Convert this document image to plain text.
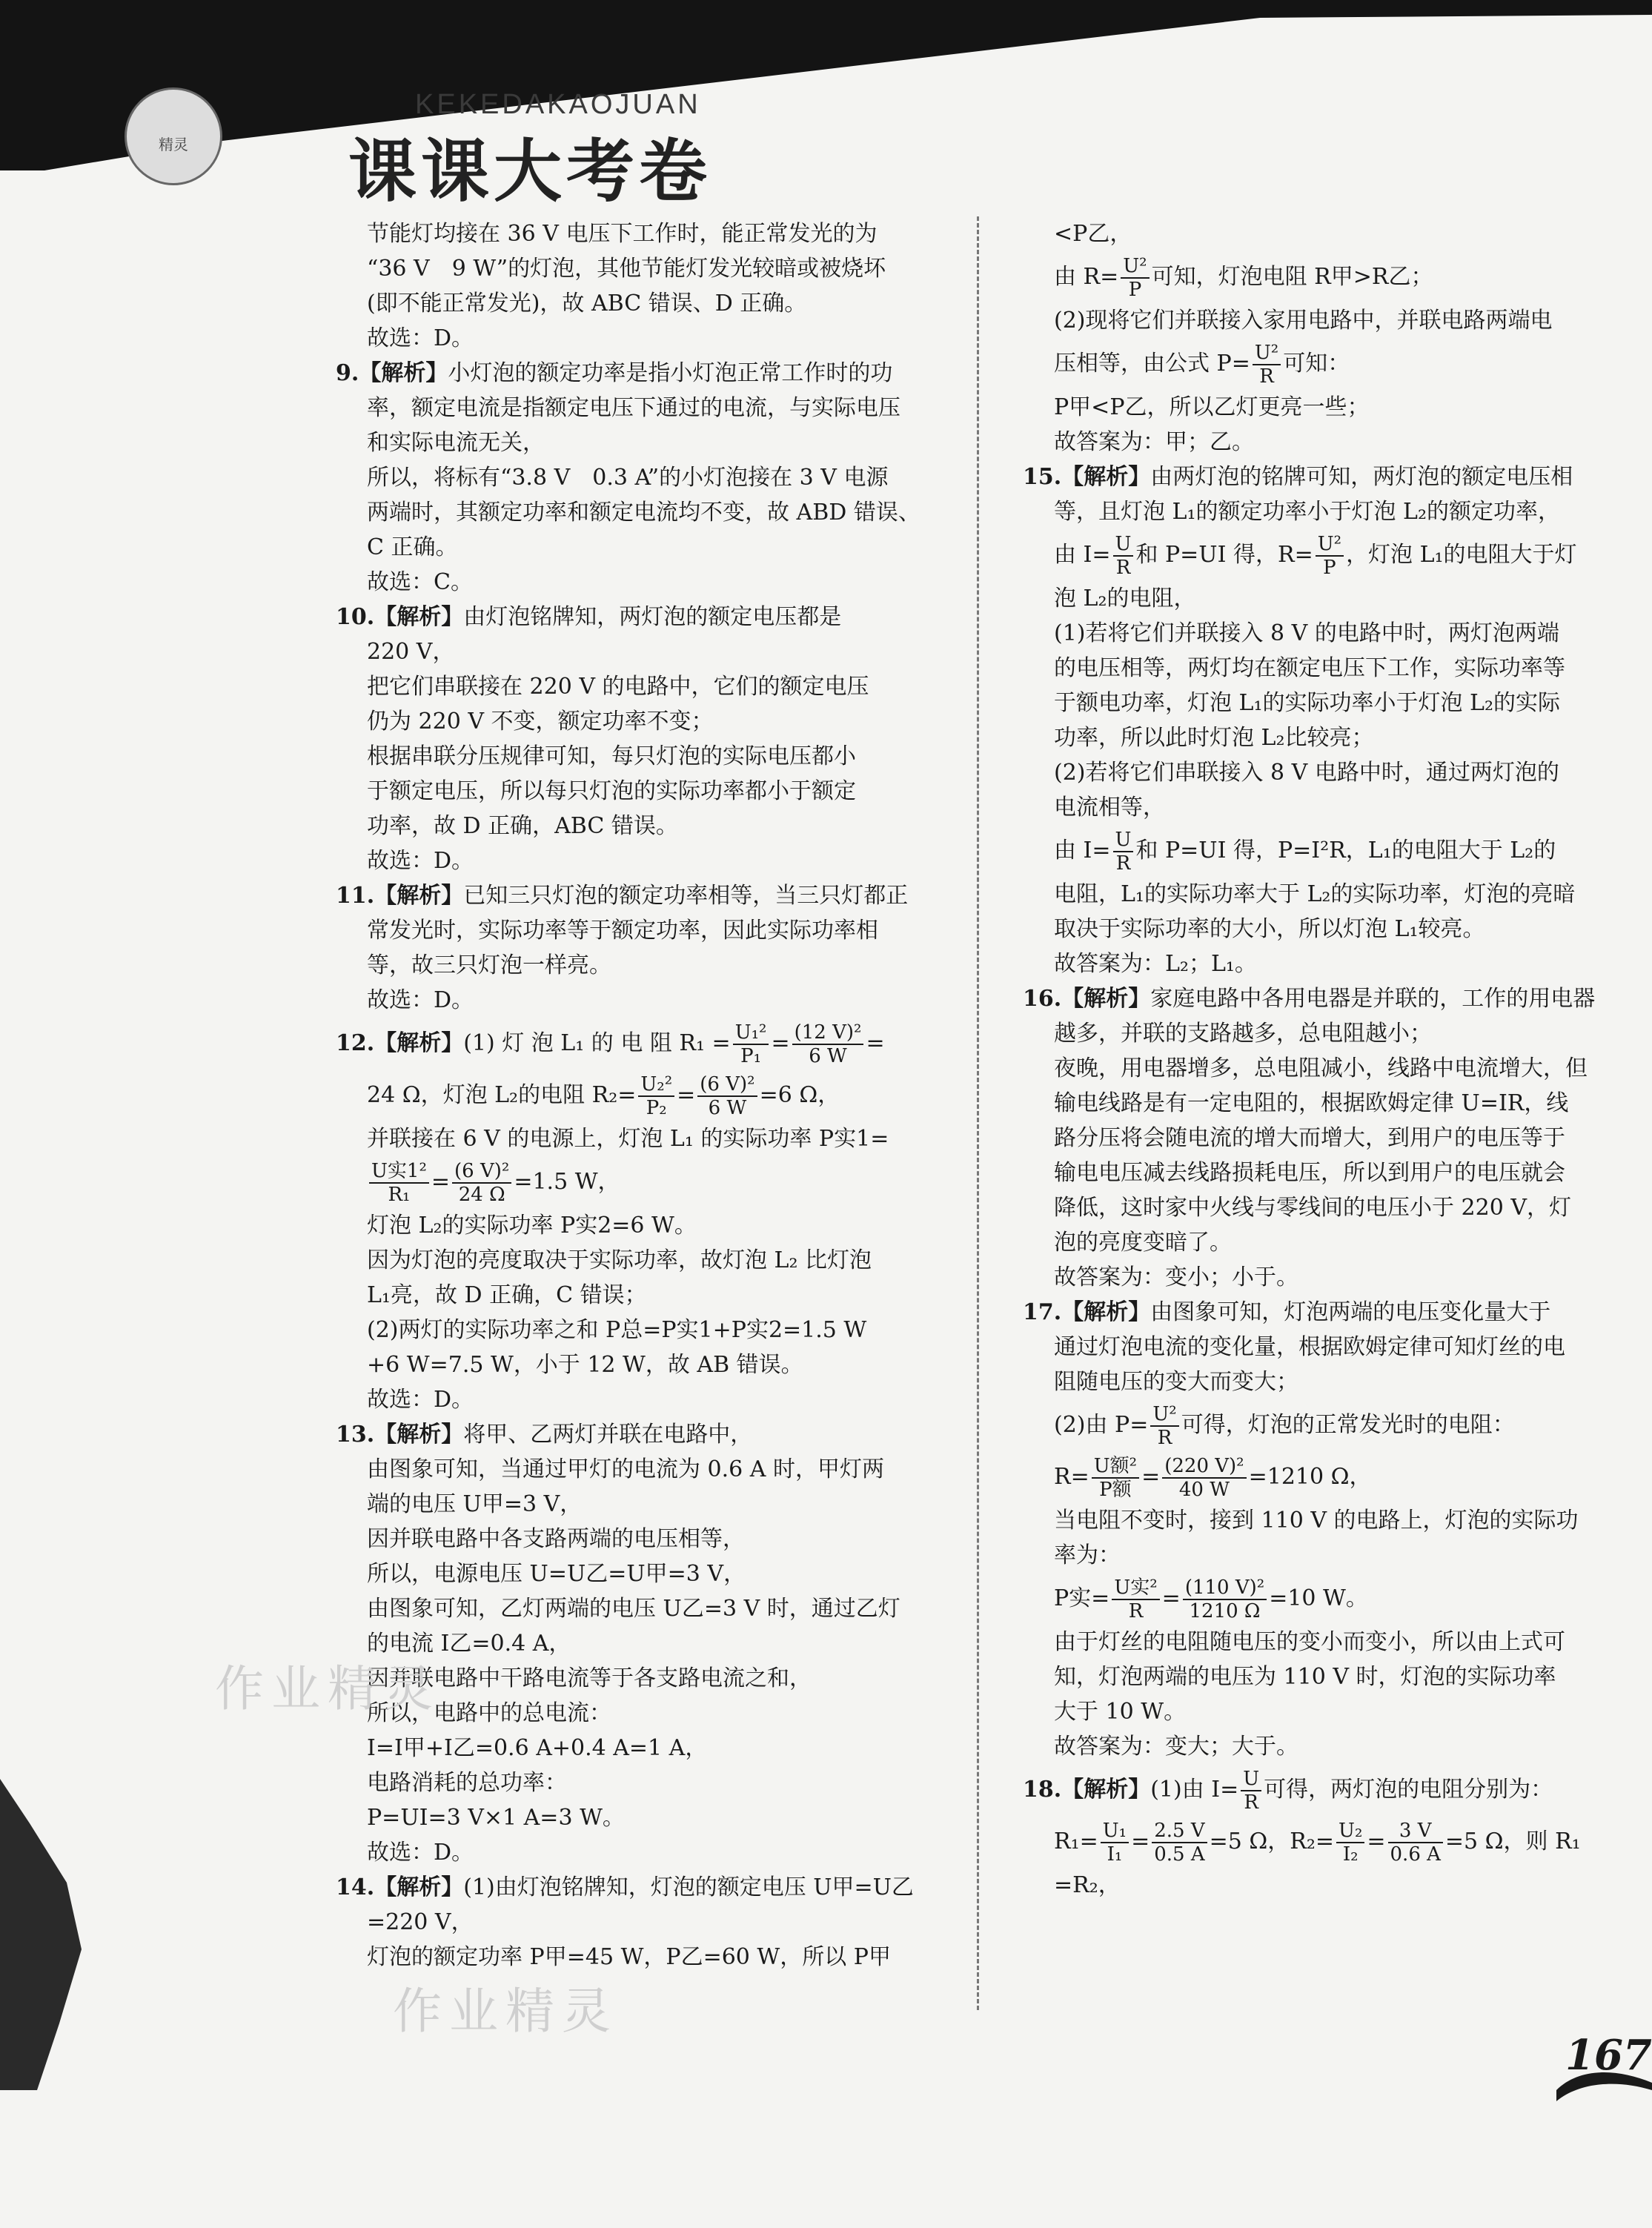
精灵
KEKEDAKAOJUAN
课课大考卷

节能灯均接在 36 V 电压下工作时，能正常发光的为

“36 V　9 W”的灯泡，其他节能灯发光较暗或被烧坏

(即不能正常发光)，故 ABC 错误、D 正确。

故选：D。

9.【解析】小灯泡的额定功率是指小灯泡正常工作时的功

率，额定电流是指额定电压下通过的电流，与实际电压

和实际电流无关，

所以，将标有“3.8 V　0.3 A”的小灯泡接在 3 V 电源

两端时，其额定功率和额定电流均不变，故 ABD 错误、

C 正确。

故选：C。

10.【解析】由灯泡铭牌知，两灯泡的额定电压都是

220 V，

把它们串联接在 220 V 的电路中，它们的额定电压

仍为 220 V 不变，额定功率不变；

根据串联分压规律可知，每只灯泡的实际电压都小

于额定电压，所以每只灯泡的实际功率都小于额定

功率，故 D 正确，ABC 错误。

故选：D。

11.【解析】已知三只灯泡的额定功率相等，当三只灯都正

常发光时，实际功率等于额定功率，因此实际功率相

等，故三只灯泡一样亮。

故选：D。

12.【解析】(1) 灯 泡 L₁ 的 电 阻 $R_1 = \frac{\text{U₁²}}{\text{P₁}} = \frac{\text{(12 V)²}}{6 W}$ =

24 Ω，灯泡 L₂的电阻 $R_2= \frac{\text{U₂²}}{\text{P₂}} = \frac{\text{(6 V)²}}{6 W} =6$ Ω，

并联接在 6 V 的电源上，灯泡 L₁ 的实际功率 P实1=

$\frac{\text{U实1²}}{\text{R₁}} = \frac{\text{(6 V)²}}{24 \Omega} =1.5$ W，

灯泡 L₂的实际功率 P实2=6 W。

因为灯泡的亮度取决于实际功率，故灯泡 L₂ 比灯泡

L₁亮，故 D 正确，C 错误；

(2)两灯的实际功率之和 P总=P实1+P实2=1.5 W

+6 W=7.5 W，小于 12 W，故 AB 错误。

故选：D。

13.【解析】将甲、乙两灯并联在电路中，

由图象可知，当通过甲灯的电流为 0.6 A 时，甲灯两

端的电压 U甲=3 V，

因并联电路中各支路两端的电压相等，

所以，电源电压 U=U乙=U甲=3 V，

由图象可知，乙灯两端的电压 U乙=3 V 时，通过乙灯

的电流 I乙=0.4 A，

因并联电路中干路电流等于各支路电流之和，

所以，电路中的总电流：

I=I甲+I乙=0.6 A+0.4 A=1 A，

电路消耗的总功率：

P=UI=3 V×1 A=3 W。

故选：D。

14.【解析】(1)由灯泡铭牌知，灯泡的额定电压 U甲=U乙

=220 V，

灯泡的额定功率 P甲=45 W，P乙=60 W，所以 P甲

<P乙，

由 $R= \frac{\text{U²}}{P}$ 可知，灯泡电阻 R甲>R乙；

(2)现将它们并联接入家用电路中，并联电路两端电

压相等，由公式 $P= \frac{\text{U²}}{R}$ 可知：

P甲<P乙，所以乙灯更亮一些；

故答案为：甲；乙。

15.【解析】由两灯泡的铭牌可知，两灯泡的额定电压相

等，且灯泡 L₁的额定功率小于灯泡 L₂的额定功率，

由 $I= \frac{U}{R}$ 和 P=UI 得，$R= \frac{\text{U²}}{P}$ ，灯泡 L₁的电阻大于灯

泡 L₂的电阻，

(1)若将它们并联接入 8 V 的电路中时，两灯泡两端

的电压相等，两灯均在额定电压下工作，实际功率等

于额电功率，灯泡 L₁的实际功率小于灯泡 L₂的实际

功率，所以此时灯泡 L₂比较亮；

(2)若将它们串联接入 8 V 电路中时，通过两灯泡的

电流相等，

由 $I= \frac{U}{R}$ 和 P=UI 得，P=I²R，L₁的电阻大于 L₂的

电阻，L₁的实际功率大于 L₂的实际功率，灯泡的亮暗

取决于实际功率的大小，所以灯泡 L₁较亮。

故答案为：L₂；L₁。

16.【解析】家庭电路中各用电器是并联的，工作的用电器

越多，并联的支路越多，总电阻越小；

夜晚，用电器增多，总电阻减小，线路中电流增大，但

输电线路是有一定电阻的，根据欧姆定律 U=IR，线

路分压将会随电流的增大而增大，到用户的电压等于

输电电压减去线路损耗电压，所以到用户的电压就会

降低，这时家中火线与零线间的电压小于 220 V，灯

泡的亮度变暗了。

故答案为：变小；小于。

17.【解析】由图象可知，灯泡两端的电压变化量大于

通过灯泡电流的变化量，根据欧姆定律可知灯丝的电

阻随电压的变大而变大；

(2)由 $P= \frac{\text{U²}}{R}$ 可得，灯泡的正常发光时的电阻：

$R= \frac{\text{U额²}}{\text{P额}} = \frac{\text{(220 V)²}}{40 W} =1210$ Ω，

当电阻不变时，接到 110 V 的电路上，灯泡的实际功

率为：

P实= $\frac{\text{U实²}}{R} = \frac{\text{(110 V)²}}{1210 \Omega} =10$ W。

由于灯丝的电阻随电压的变小而变小，所以由上式可

知，灯泡两端的电压为 110 V 时，灯泡的实际功率

大于 10 W。

故答案为：变大；大于。

18.【解析】(1)由 $I= \frac{U}{R}$ 可得，两灯泡的电阻分别为：

$R_1= \frac{\text{U₁}}{\text{I₁}} = \frac{2.5 V}{0.5 A} =5$ Ω，$R_2= \frac{\text{U₂}}{\text{I₂}} = \frac{3 V}{0.6 A} =5$ Ω，则 R₁

=R₂，

作业精灵
作业精灵
167
